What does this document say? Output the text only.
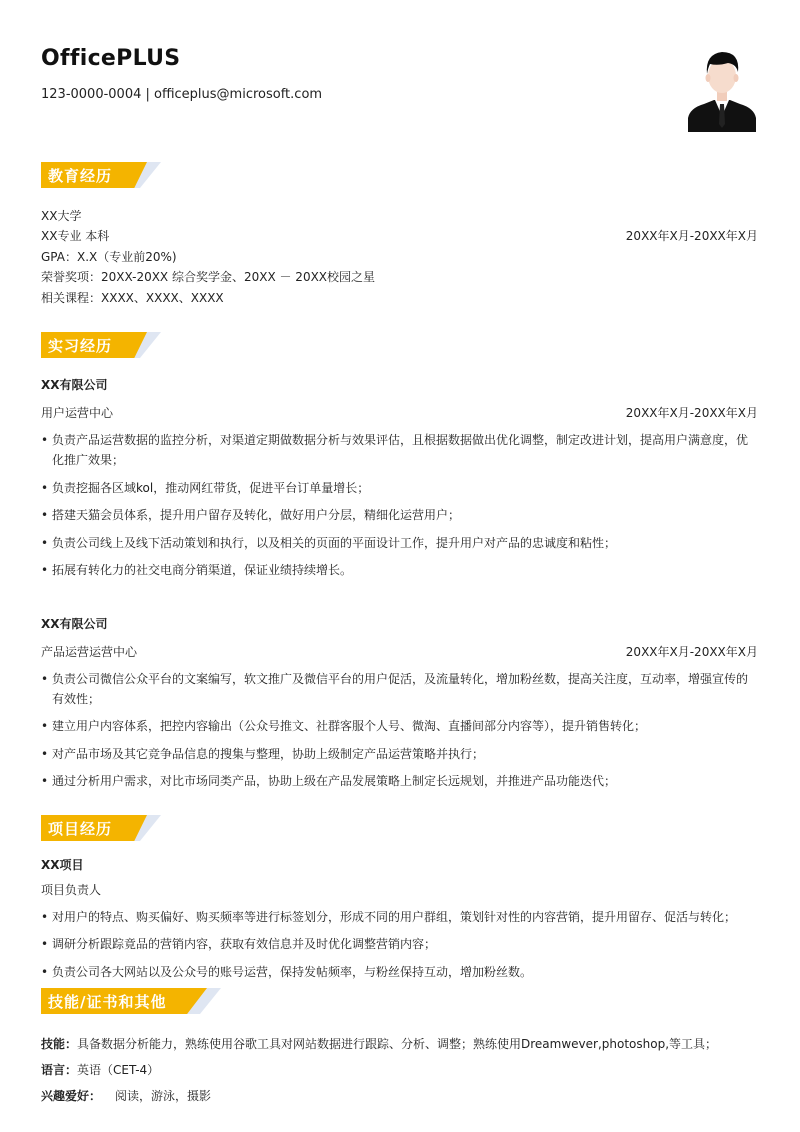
OfficePLUS
123-0000-0004 | officeplus@microsoft.com
教育经历
XX大学
XX专业 本科	20XX年X月-20XX年X月
GPA：X.X（专业前20%)
荣誉奖项：20XX-20XX 综合奖学金、20XX － 20XX校园之星
相关课程：XXXX、XXXX、XXXX
实习经历
XX有限公司
用户运营中心	20XX年X月-20XX年X月
• 负责产品运营数据的监控分析，对渠道定期做数据分析与效果评估，且根据数据做出优化调整，制定改进计划，提高用户满意度，优化推广效果；
• 负责挖掘各区域kol，推动网红带货，促进平台订单量增长；
• 搭建天猫会员体系，提升用户留存及转化，做好用户分层，精细化运营用户；
• 负责公司线上及线下活动策划和执行，以及相关的页面的平面设计工作，提升用户对产品的忠诚度和粘性；
• 拓展有转化力的社交电商分销渠道，保证业绩持续增长。
XX有限公司
产品运营运营中心	20XX年X月-20XX年X月
• 负责公司微信公众平台的文案编写，软文推广及微信平台的用户促活，及流量转化，增加粉丝数，提高关注度，互动率，增强宣传的有效性；
• 建立用户内容体系，把控内容输出（公众号推文、社群客服个人号、微淘、直播间部分内容等），提升销售转化；
• 对产品市场及其它竞争品信息的搜集与整理，协助上级制定产品运营策略并执行；
• 通过分析用户需求，对比市场同类产品，协助上级在产品发展策略上制定长远规划，并推进产品功能迭代；
项目经历
XX项目
项目负责人
• 对用户的特点、购买偏好、购买频率等进行标签划分，形成不同的用户群组，策划针对性的内容营销，提升用留存、促活与转化；
• 调研分析跟踪竟品的营销内容，获取有效信息并及时优化调整营销内容；
• 负责公司各大网站以及公众号的账号运营，保持发帖频率，与粉丝保持互动，增加粉丝数。
技能/证书和其他
技能：具备数据分析能力，熟练使用谷歌工具对网站数据进行跟踪、分析、调整；熟练使用Dreamwever,photoshop,等工具；
语言：英语（CET-4）
兴趣爱好： 阅读，游泳，摄影
